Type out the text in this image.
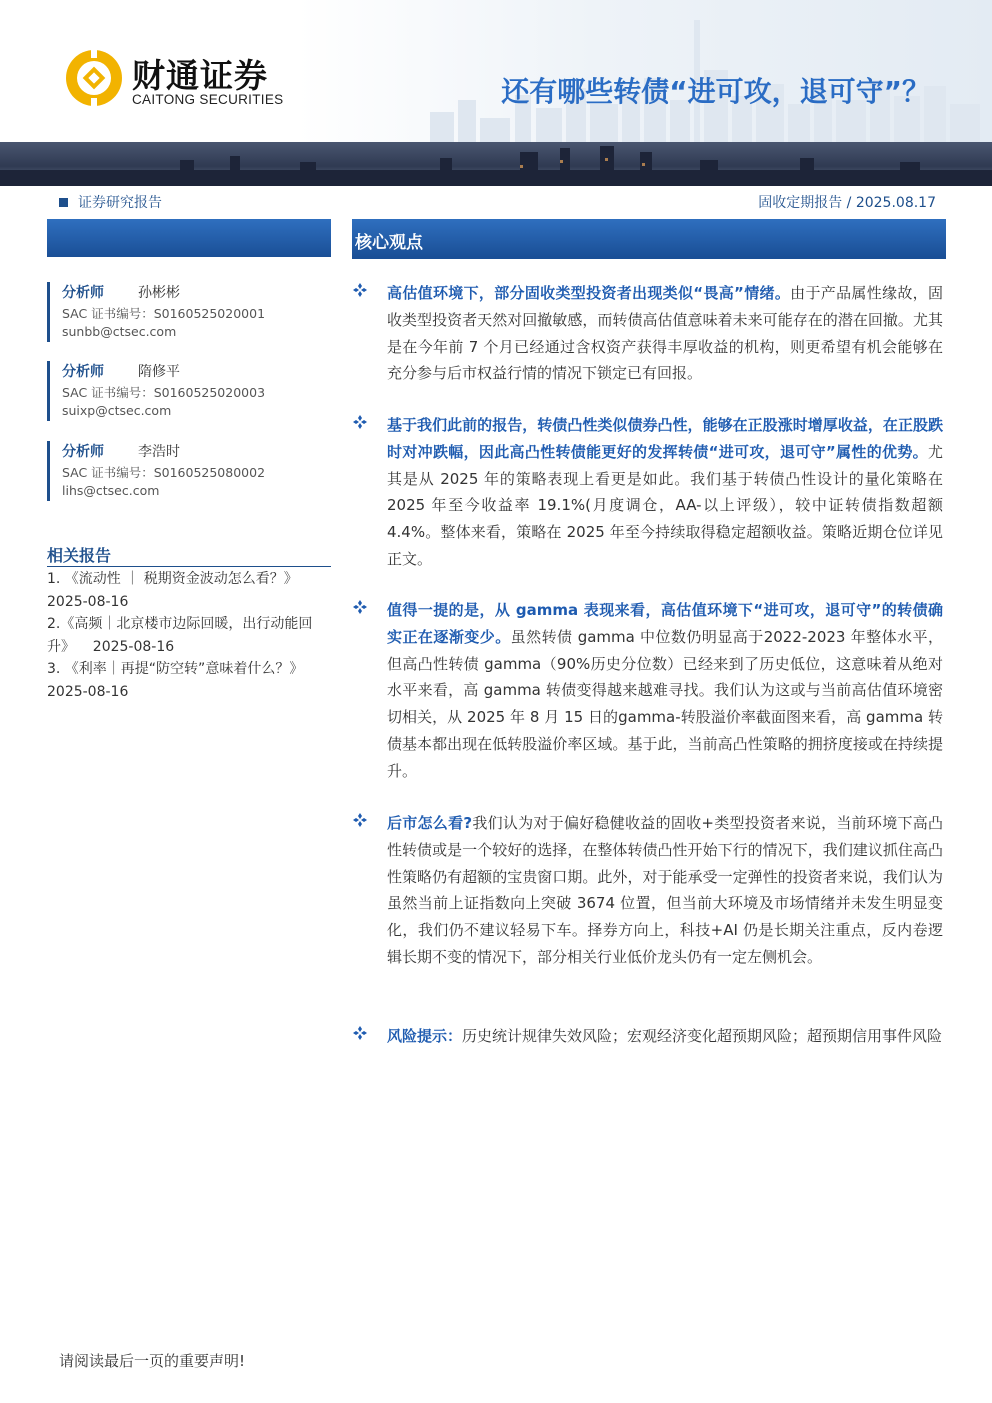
财通证券
CAITONG SECURITIES	还有哪些转债“进可攻，退可守”？
证券研究报告	固收定期报告 / 2025.08.17
核心观点
分析师 孙彬彬
SAC 证书编号：S0160525020001
sunbb@ctsec.com
分析师 隋修平
SAC 证书编号：S0160525020003
suixp@ctsec.com
分析师 李浩时
SAC 证书编号：S0160525080002
lihs@ctsec.com
相关报告
1. 《流动性 ｜ 税期资金波动怎么看？》
2025-08-16
2.《高频｜北京楼市边际回暖，出行动能回
升》    2025-08-16
3. 《利率｜再提“防空转”意味着什么？》
2025-08-16
高估值环境下，部分固收类型投资者出现类似“畏高”情绪。由于产品属性缘故，固收类型投资者天然对回撤敏感，而转债高估值意味着未来可能存在的潜在回撤。尤其是在今年前 7 个月已经通过含权资产获得丰厚收益的机构，则更希望有机会能够在充分参与后市权益行情的情况下锁定已有回报。
基于我们此前的报告，转债凸性类似债券凸性，能够在正股涨时增厚收益，在正股跌时对冲跌幅，因此高凸性转债能更好的发挥转债“进可攻，退可守”属性的优势。尤其是从 2025 年的策略表现上看更是如此。我们基于转债凸性设计的量化策略在 2025 年至今收益率 19.1%(月度调仓，AA-以上评级），较中证转债指数超额 4.4%。整体来看，策略在 2025 年至今持续取得稳定超额收益。策略近期仓位详见正文。
值得一提的是，从 gamma 表现来看，高估值环境下“进可攻，退可守”的转债确实正在逐渐变少。虽然转债 gamma 中位数仍明显高于2022-2023 年整体水平，但高凸性转债 gamma（90%历史分位数）已经来到了历史低位，这意味着从绝对水平来看，高 gamma 转债变得越来越难寻找。我们认为这或与当前高估值环境密切相关，从 2025 年 8 月 15 日的gamma-转股溢价率截面图来看，高 gamma 转债基本都出现在低转股溢价率区域。基于此，当前高凸性策略的拥挤度接或在持续提升。
后市怎么看?我们认为对于偏好稳健收益的固收+类型投资者来说，当前环境下高凸性转债或是一个较好的选择，在整体转债凸性开始下行的情况下，我们建议抓住高凸性策略仍有超额的宝贵窗口期。此外，对于能承受一定弹性的投资者来说，我们认为虽然当前上证指数向上突破 3674 位置，但当前大环境及市场情绪并未发生明显变化，我们仍不建议轻易下车。择券方向上，科技+AI 仍是长期关注重点，反内卷逻辑长期不变的情况下，部分相关行业低价龙头仍有一定左侧机会。
风险提示：历史统计规律失效风险；宏观经济变化超预期风险；超预期信用事件风险
请阅读最后一页的重要声明!
